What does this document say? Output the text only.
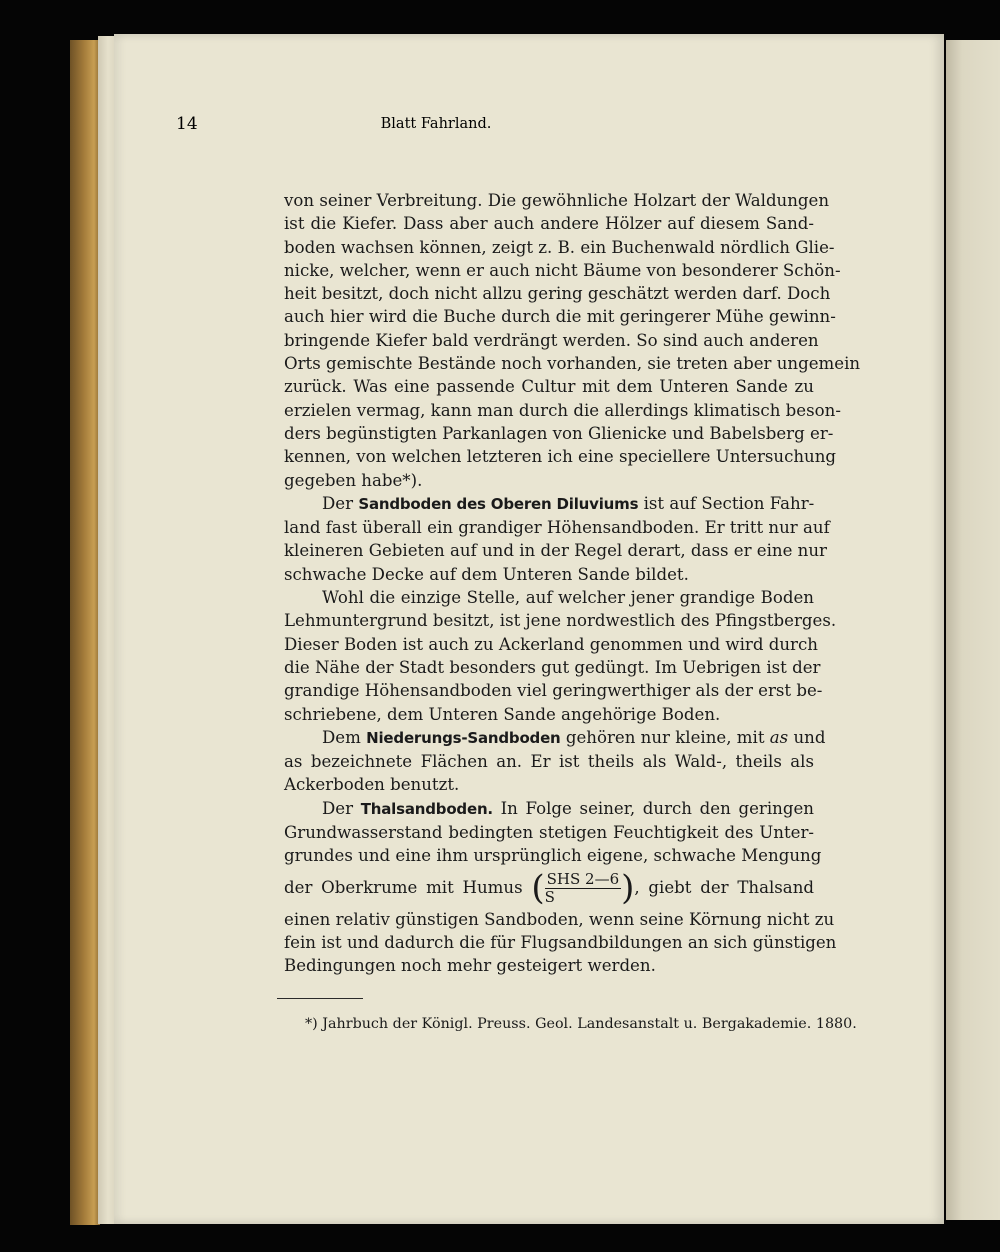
14	Blatt Fahrland.
von seiner Verbreitung. Die gewöhnliche Holzart der Waldungen
ist die Kiefer. Dass aber auch andere Hölzer auf diesem Sand-
boden wachsen können, zeigt z. B. ein Buchenwald nördlich Glie-
nicke, welcher, wenn er auch nicht Bäume von besonderer Schön-
heit besitzt, doch nicht allzu gering geschätzt werden darf. Doch
auch hier wird die Buche durch die mit geringerer Mühe gewinn-
bringende Kiefer bald verdrängt werden. So sind auch anderen
Orts gemischte Bestände noch vorhanden, sie treten aber ungemein
zurück. Was eine passende Cultur mit dem Unteren Sande zu
erzielen vermag, kann man durch die allerdings klimatisch beson-
ders begünstigten Parkanlagen von Glienicke und Babelsberg er-
kennen, von welchen letzteren ich eine speciellere Untersuchung
gegeben habe*).
Der Sandboden des Oberen Diluviums ist auf Section Fahr-
land fast überall ein grandiger Höhensandboden. Er tritt nur auf
kleineren Gebieten auf und in der Regel derart, dass er eine nur
schwache Decke auf dem Unteren Sande bildet.
Wohl die einzige Stelle, auf welcher jener grandige Boden
Lehmuntergrund besitzt, ist jene nordwestlich des Pfingstberges.
Dieser Boden ist auch zu Ackerland genommen und wird durch
die Nähe der Stadt besonders gut gedüngt. Im Uebrigen ist der
grandige Höhensandboden viel geringwerthiger als der erst be-
schriebene, dem Unteren Sande angehörige Boden.
Dem Niederungs-Sandboden gehören nur kleine, mit as und
as bezeichnete Flächen an. Er ist theils als Wald-, theils als
Ackerboden benutzt.
Der Thalsandboden. In Folge seiner, durch den geringen
Grundwasserstand bedingten stetigen Feuchtigkeit des Unter-
grundes und eine ihm ursprünglich eigene, schwache Mengung
der Oberkrume mit Humus ( $\frac{\text{SHS 2—6}}{S}$ ), giebt der Thalsand
einen relativ günstigen Sandboden, wenn seine Körnung nicht zu
fein ist und dadurch die für Flugsandbildungen an sich günstigen
Bedingungen noch mehr gesteigert werden.
*) Jahrbuch der Königl. Preuss. Geol. Landesanstalt u. Bergakademie. 1880.
